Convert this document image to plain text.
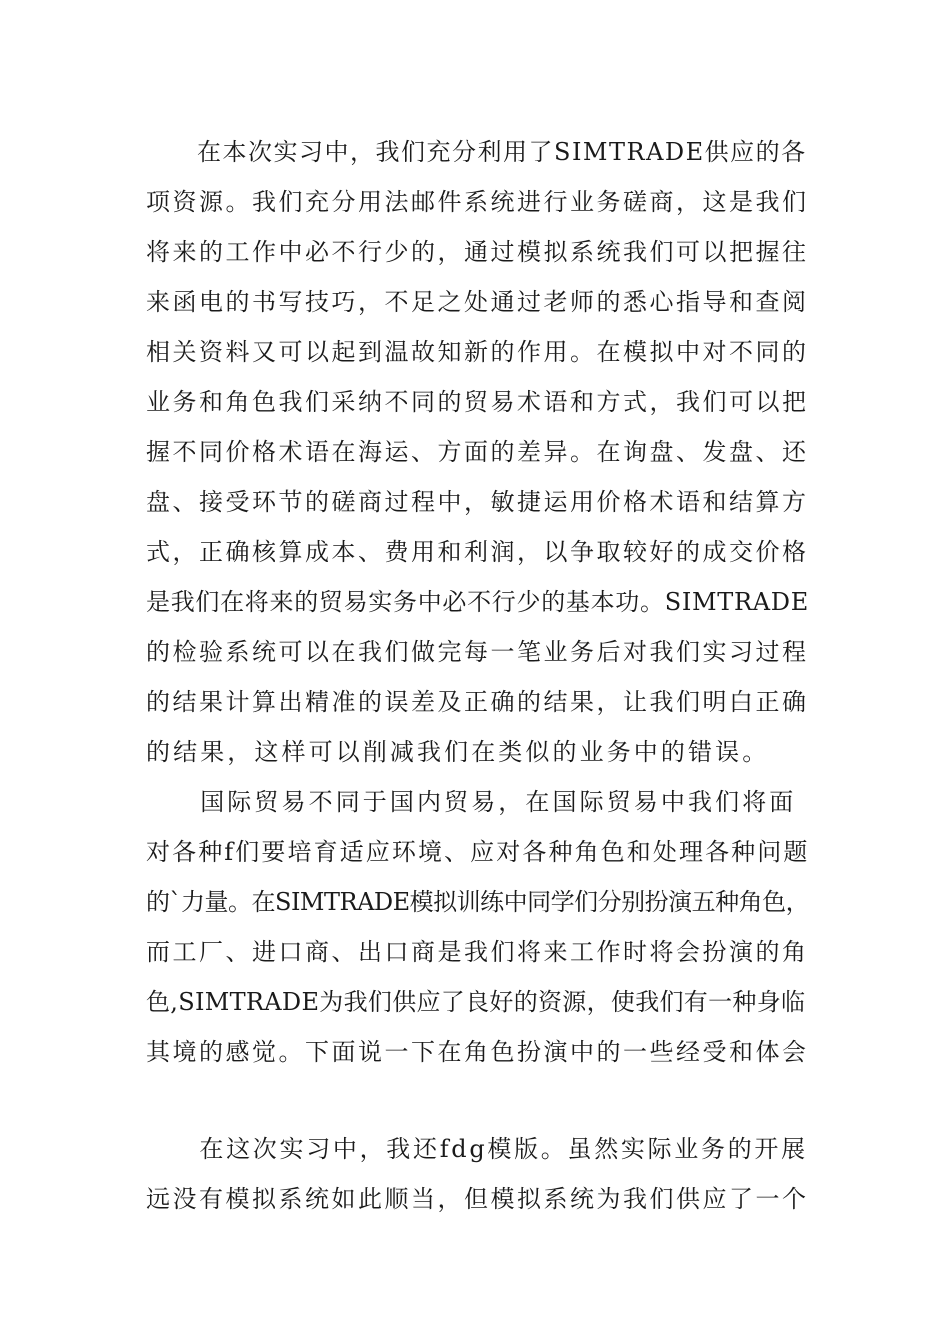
　　在本次实习中，我们充分利用了SIMTRADE供应的各
项资源。我们充分用法邮件系统进行业务磋商，这是我们
将来的工作中必不行少的，通过模拟系统我们可以把握往
来函电的书写技巧，不足之处通过老师的悉心指导和查阅
相关资料又可以起到温故知新的作用。在模拟中对不同的
业务和角色我们采纳不同的贸易术语和方式，我们可以把
握不同价格术语在海运、方面的差异。在询盘、发盘、还
盘、接受环节的磋商过程中，敏捷运用价格术语和结算方
式，正确核算成本、费用和利润，以争取较好的成交价格
是我们在将来的贸易实务中必不行少的基本功。SIMTRADE
的检验系统可以在我们做完每一笔业务后对我们实习过程
的结果计算出精准的误差及正确的结果，让我们明白正确
的结果，这样可以削减我们在类似的业务中的错误。
　　国际贸易不同于国内贸易，在国际贸易中我们将面
对各种f们要培育适应环境、应对各种角色和处理各种问题
的`力量。在SIMTRADE模拟训练中同学们分别扮演五种角色，
而工厂、进口商、出口商是我们将来工作时将会扮演的角
色,SIMTRADE为我们供应了良好的资源，使我们有一种身临
其境的感觉。下面说一下在角色扮演中的一些经受和体会
　　在这次实习中，我还fdg模版。虽然实际业务的开展
远没有模拟系统如此顺当，但模拟系统为我们供应了一个
